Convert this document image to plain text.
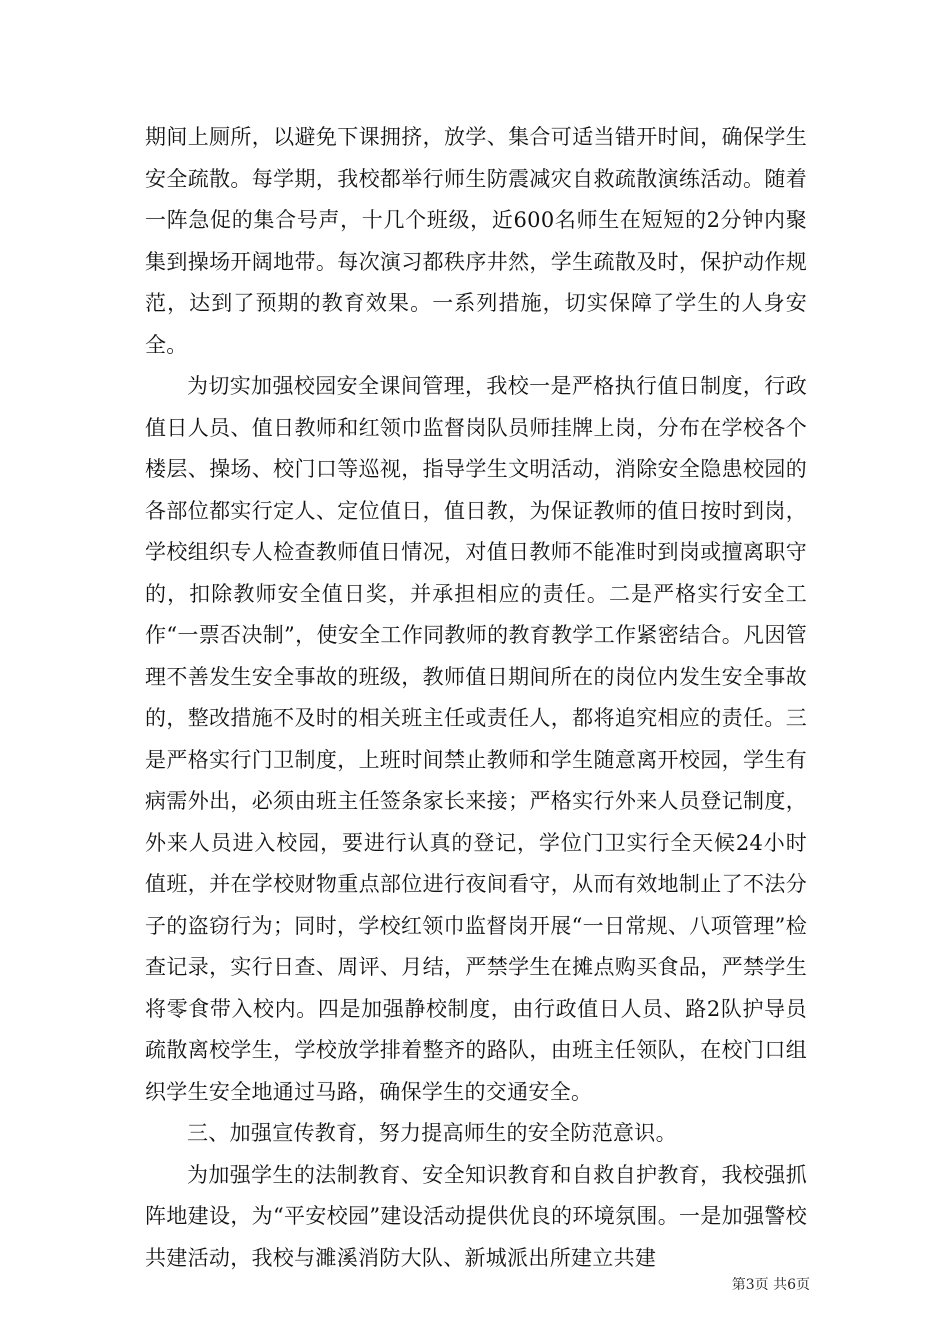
期间上厕所，以避免下课拥挤，放学、集合可适当错开时间，确保学生安全疏散。每学期，我校都举行师生防震减灾自救疏散演练活动。随着一阵急促的集合号声，十几个班级，近600名师生在短短的2分钟内聚集到操场开阔地带。每次演习都秩序井然，学生疏散及时，保护动作规范，达到了预期的教育效果。一系列措施，切实保障了学生的人身安全。

为切实加强校园安全课间管理，我校一是严格执行值日制度，行政值日人员、值日教师和红领巾监督岗队员师挂牌上岗，分布在学校各个楼层、操场、校门口等巡视，指导学生文明活动，消除安全隐患校园的各部位都实行定人、定位值日，值日教，为保证教师的值日按时到岗，学校组织专人检查教师值日情况，对值日教师不能准时到岗或擅离职守的，扣除教师安全值日奖，并承担相应的责任。二是严格实行安全工作“一票否决制”，使安全工作同教师的教育教学工作紧密结合。凡因管理不善发生安全事故的班级，教师值日期间所在的岗位内发生安全事故的，整改措施不及时的相关班主任或责任人，都将追究相应的责任。三是严格实行门卫制度，上班时间禁止教师和学生随意离开校园，学生有病需外出，必须由班主任签条家长来接；严格实行外来人员登记制度，外来人员进入校园，要进行认真的登记，学位门卫实行全天候24小时值班，并在学校财物重点部位进行夜间看守，从而有效地制止了不法分子的盗窃行为；同时，学校红领巾监督岗开展“一日常规、八项管理”检查记录，实行日查、周评、月结，严禁学生在摊点购买食品，严禁学生将零食带入校内。四是加强静校制度，由行政值日人员、路2队护导员疏散离校学生，学校放学排着整齐的路队，由班主任领队，在校门口组织学生安全地通过马路，确保学生的交通安全。

三、加强宣传教育，努力提高师生的安全防范意识。

为加强学生的法制教育、安全知识教育和自救自护教育，我校强抓阵地建设，为“平安校园”建设活动提供优良的环境氛围。一是加强警校共建活动，我校与濉溪消防大队、新城派出所建立共建

第3页 共6页
